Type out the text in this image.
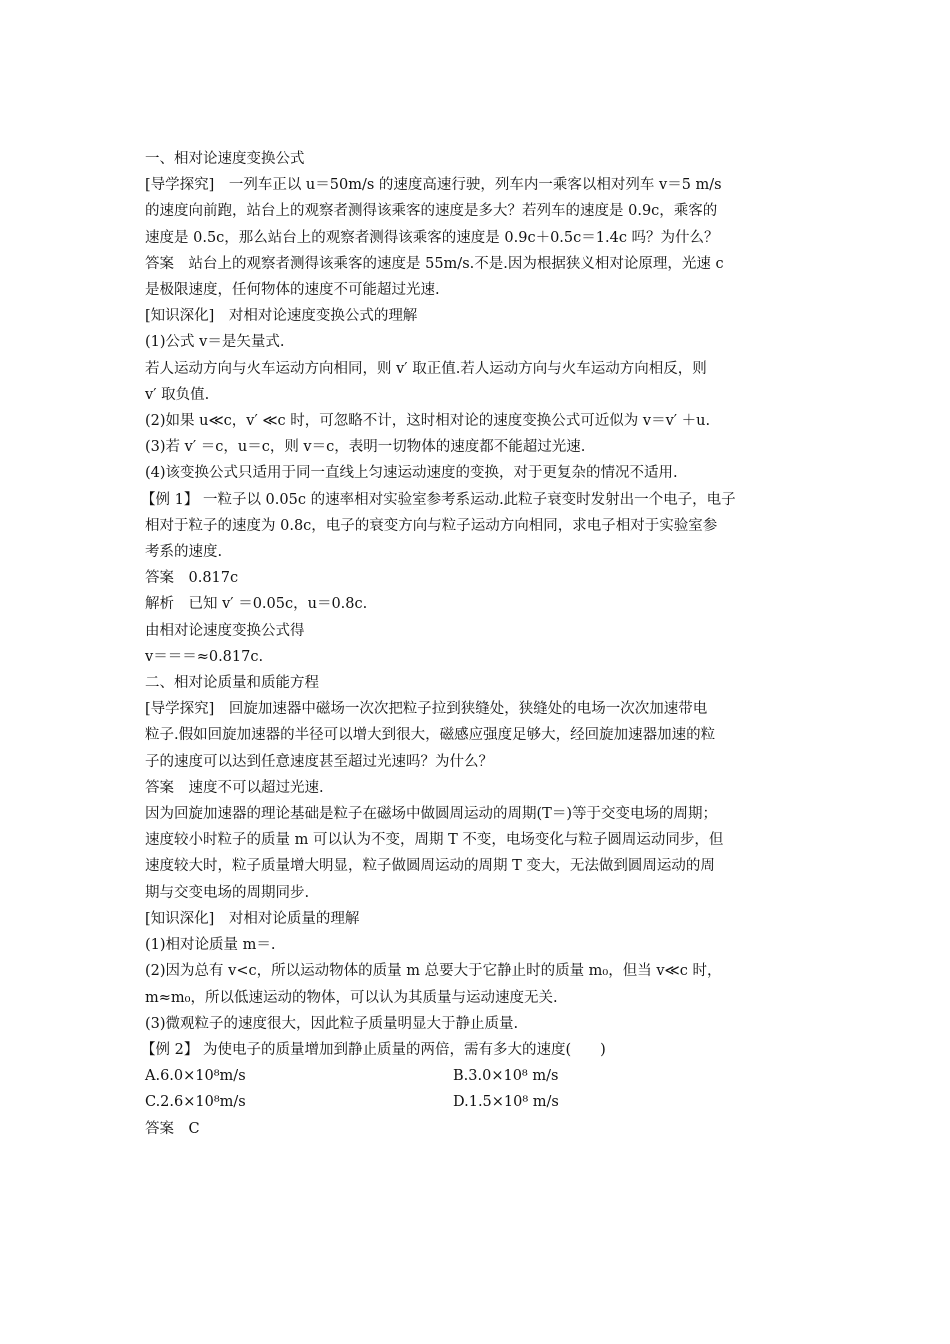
一、相对论速度变换公式
[导学探究]　一列车正以 u＝50m/s 的速度高速行驶，列车内一乘客以相对列车 v＝5 m/s
的速度向前跑，站台上的观察者测得该乘客的速度是多大？若列车的速度是 0.9c，乘客的
速度是 0.5c，那么站台上的观察者测得该乘客的速度是 0.9c＋0.5c＝1.4c 吗？为什么？
答案　站台上的观察者测得该乘客的速度是 55m/s.不是.因为根据狭义相对论原理，光速 c
是极限速度，任何物体的速度不可能超过光速.
[知识深化]　对相对论速度变换公式的理解
(1)公式 v＝是矢量式.
若人运动方向与火车运动方向相同，则 v′ 取正值.若人运动方向与火车运动方向相反，则
v′ 取负值.
(2)如果 u≪c，v′ ≪c 时，可忽略不计，这时相对论的速度变换公式可近似为 v＝v′ ＋u.
(3)若 v′ ＝c，u＝c，则 v＝c，表明一切物体的速度都不能超过光速.
(4)该变换公式只适用于同一直线上匀速运动速度的变换，对于更复杂的情况不适用.
【例 1】 一粒子以 0.05c 的速率相对实验室参考系运动.此粒子衰变时发射出一个电子，电子
相对于粒子的速度为 0.8c，电子的衰变方向与粒子运动方向相同，求电子相对于实验室参
考系的速度.
答案　0.817c
解析　已知 v′ ＝0.05c，u＝0.8c.
由相对论速度变换公式得
v＝＝＝≈0.817c.
二、相对论质量和质能方程
[导学探究]　回旋加速器中磁场一次次把粒子拉到狭缝处，狭缝处的电场一次次加速带电
粒子.假如回旋加速器的半径可以增大到很大，磁感应强度足够大，经回旋加速器加速的粒
子的速度可以达到任意速度甚至超过光速吗？为什么？
答案　速度不可以超过光速.
因为回旋加速器的理论基础是粒子在磁场中做圆周运动的周期(T＝)等于交变电场的周期；
速度较小时粒子的质量 m 可以认为不变，周期 T 不变，电场变化与粒子圆周运动同步，但
速度较大时，粒子质量增大明显，粒子做圆周运动的周期 T 变大，无法做到圆周运动的周
期与交变电场的周期同步.
[知识深化]　对相对论质量的理解
(1)相对论质量 m＝.
(2)因为总有 v<c，所以运动物体的质量 m 总要大于它静止时的质量 m₀，但当 v≪c 时，
m≈m₀，所以低速运动的物体，可以认为其质量与运动速度无关.
(3)微观粒子的速度很大，因此粒子质量明显大于静止质量.
【例 2】 为使电子的质量增加到静止质量的两倍，需有多大的速度(　　)
A.6.0×10⁸m/s	B.3.0×10⁸ m/s
C.2.6×10⁸m/s	D.1.5×10⁸ m/s
答案　C
